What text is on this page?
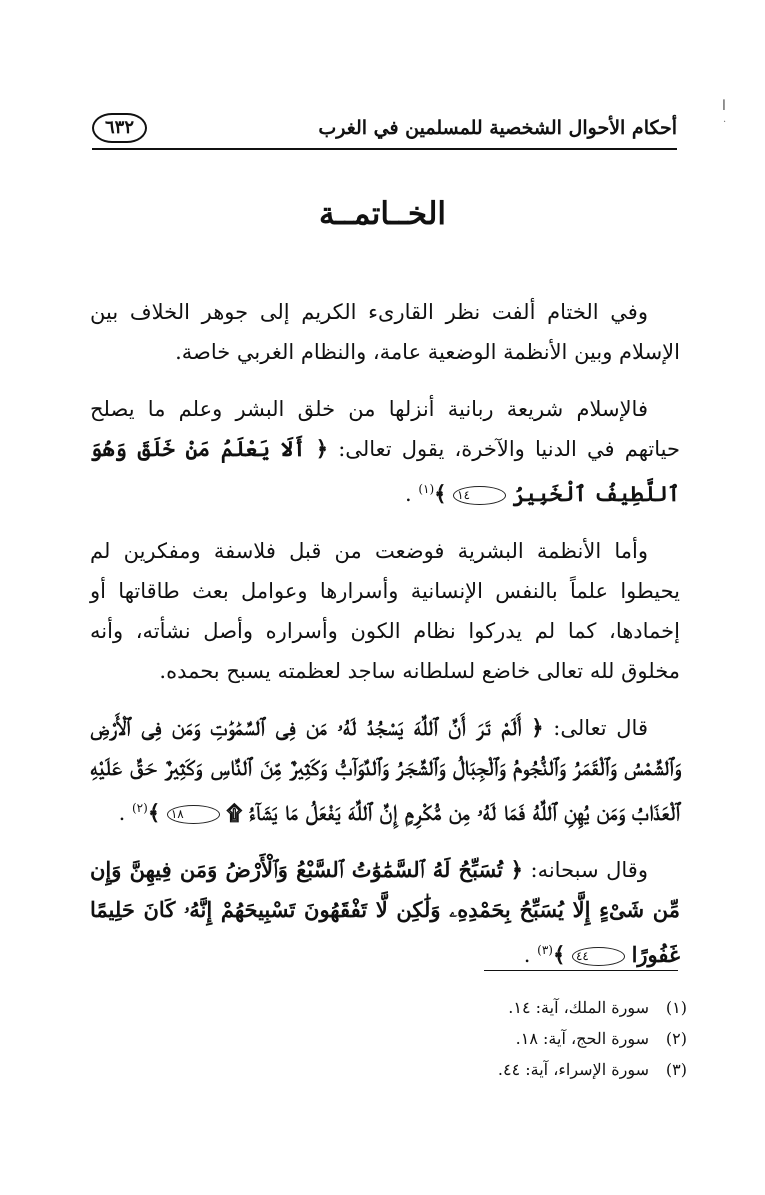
ﺍ
·
أحكام الأحوال الشخصية للمسلمين في الغرب
٦٣٢
الخــاتمــة

وفي الختام ألفت نظر القارىء الكريم إلى جوهر الخلاف بين الإسلام وبين الأنظمة الوضعية عامة، والنظام الغربي خاصة.

فالإسلام شريعة ربانية أنزلها من خلق البشر وعلم ما يصلح حياتهم في الدنيا والآخرة، يقول تعالى: ﴿ أَلَا يَعْلَمُ مَنْ خَلَقَ وَهُوَ ٱللَّطِيفُ ٱلْخَبِيرُ ١٤ ﴾$^{(١)}$ .

وأما الأنظمة البشرية فوضعت من قبل فلاسفة ومفكرين لم يحيطوا علماً بالنفس الإنسانية وأسرارها وعوامل بعث طاقاتها أو إخمادها، كما لم يدركوا نظام الكون وأسراره وأصل نشأته، وأنه مخلوق لله تعالى خاضع لسلطانه ساجد لعظمته يسبح بحمده.

قال تعالى: ﴿ أَلَمْ تَرَ أَنَّ ٱللَّهَ يَسْجُدُ لَهُۥ مَن فِى ٱلسَّمَٰوَٰتِ وَمَن فِى ٱلْأَرْضِ وَٱلشَّمْسُ وَٱلْقَمَرُ وَٱلنُّجُومُ وَٱلْجِبَالُ وَٱلشَّجَرُ وَٱلدَّوَآبُّ وَكَثِيرٌ مِّنَ ٱلنَّاسِ وَكَثِيرٌ حَقَّ عَلَيْهِ ٱلْعَذَابُ وَمَن يُهِنِ ٱللَّهُ فَمَا لَهُۥ مِن مُّكْرِمٍ إِنَّ ٱللَّهَ يَفْعَلُ مَا يَشَآءُ ۩ ١٨ ﴾$^{(٢)}$ .

وقال سبحانه: ﴿ تُسَبِّحُ لَهُ ٱلسَّمَٰوَٰتُ ٱلسَّبْعُ وَٱلْأَرْضُ وَمَن فِيهِنَّ وَإِن مِّن شَىْءٍ إِلَّا يُسَبِّحُ بِحَمْدِهِۦ وَلَٰكِن لَّا تَفْقَهُونَ تَسْبِيحَهُمْ إِنَّهُۥ كَانَ حَلِيمًا غَفُورًا ٤٤ ﴾$^{(٣)}$ .

(١)
سورة الملك، آية: ١٤.
(٢)
سورة الحج، آية: ١٨.
(٣)
سورة الإسراء، آية: ٤٤.
